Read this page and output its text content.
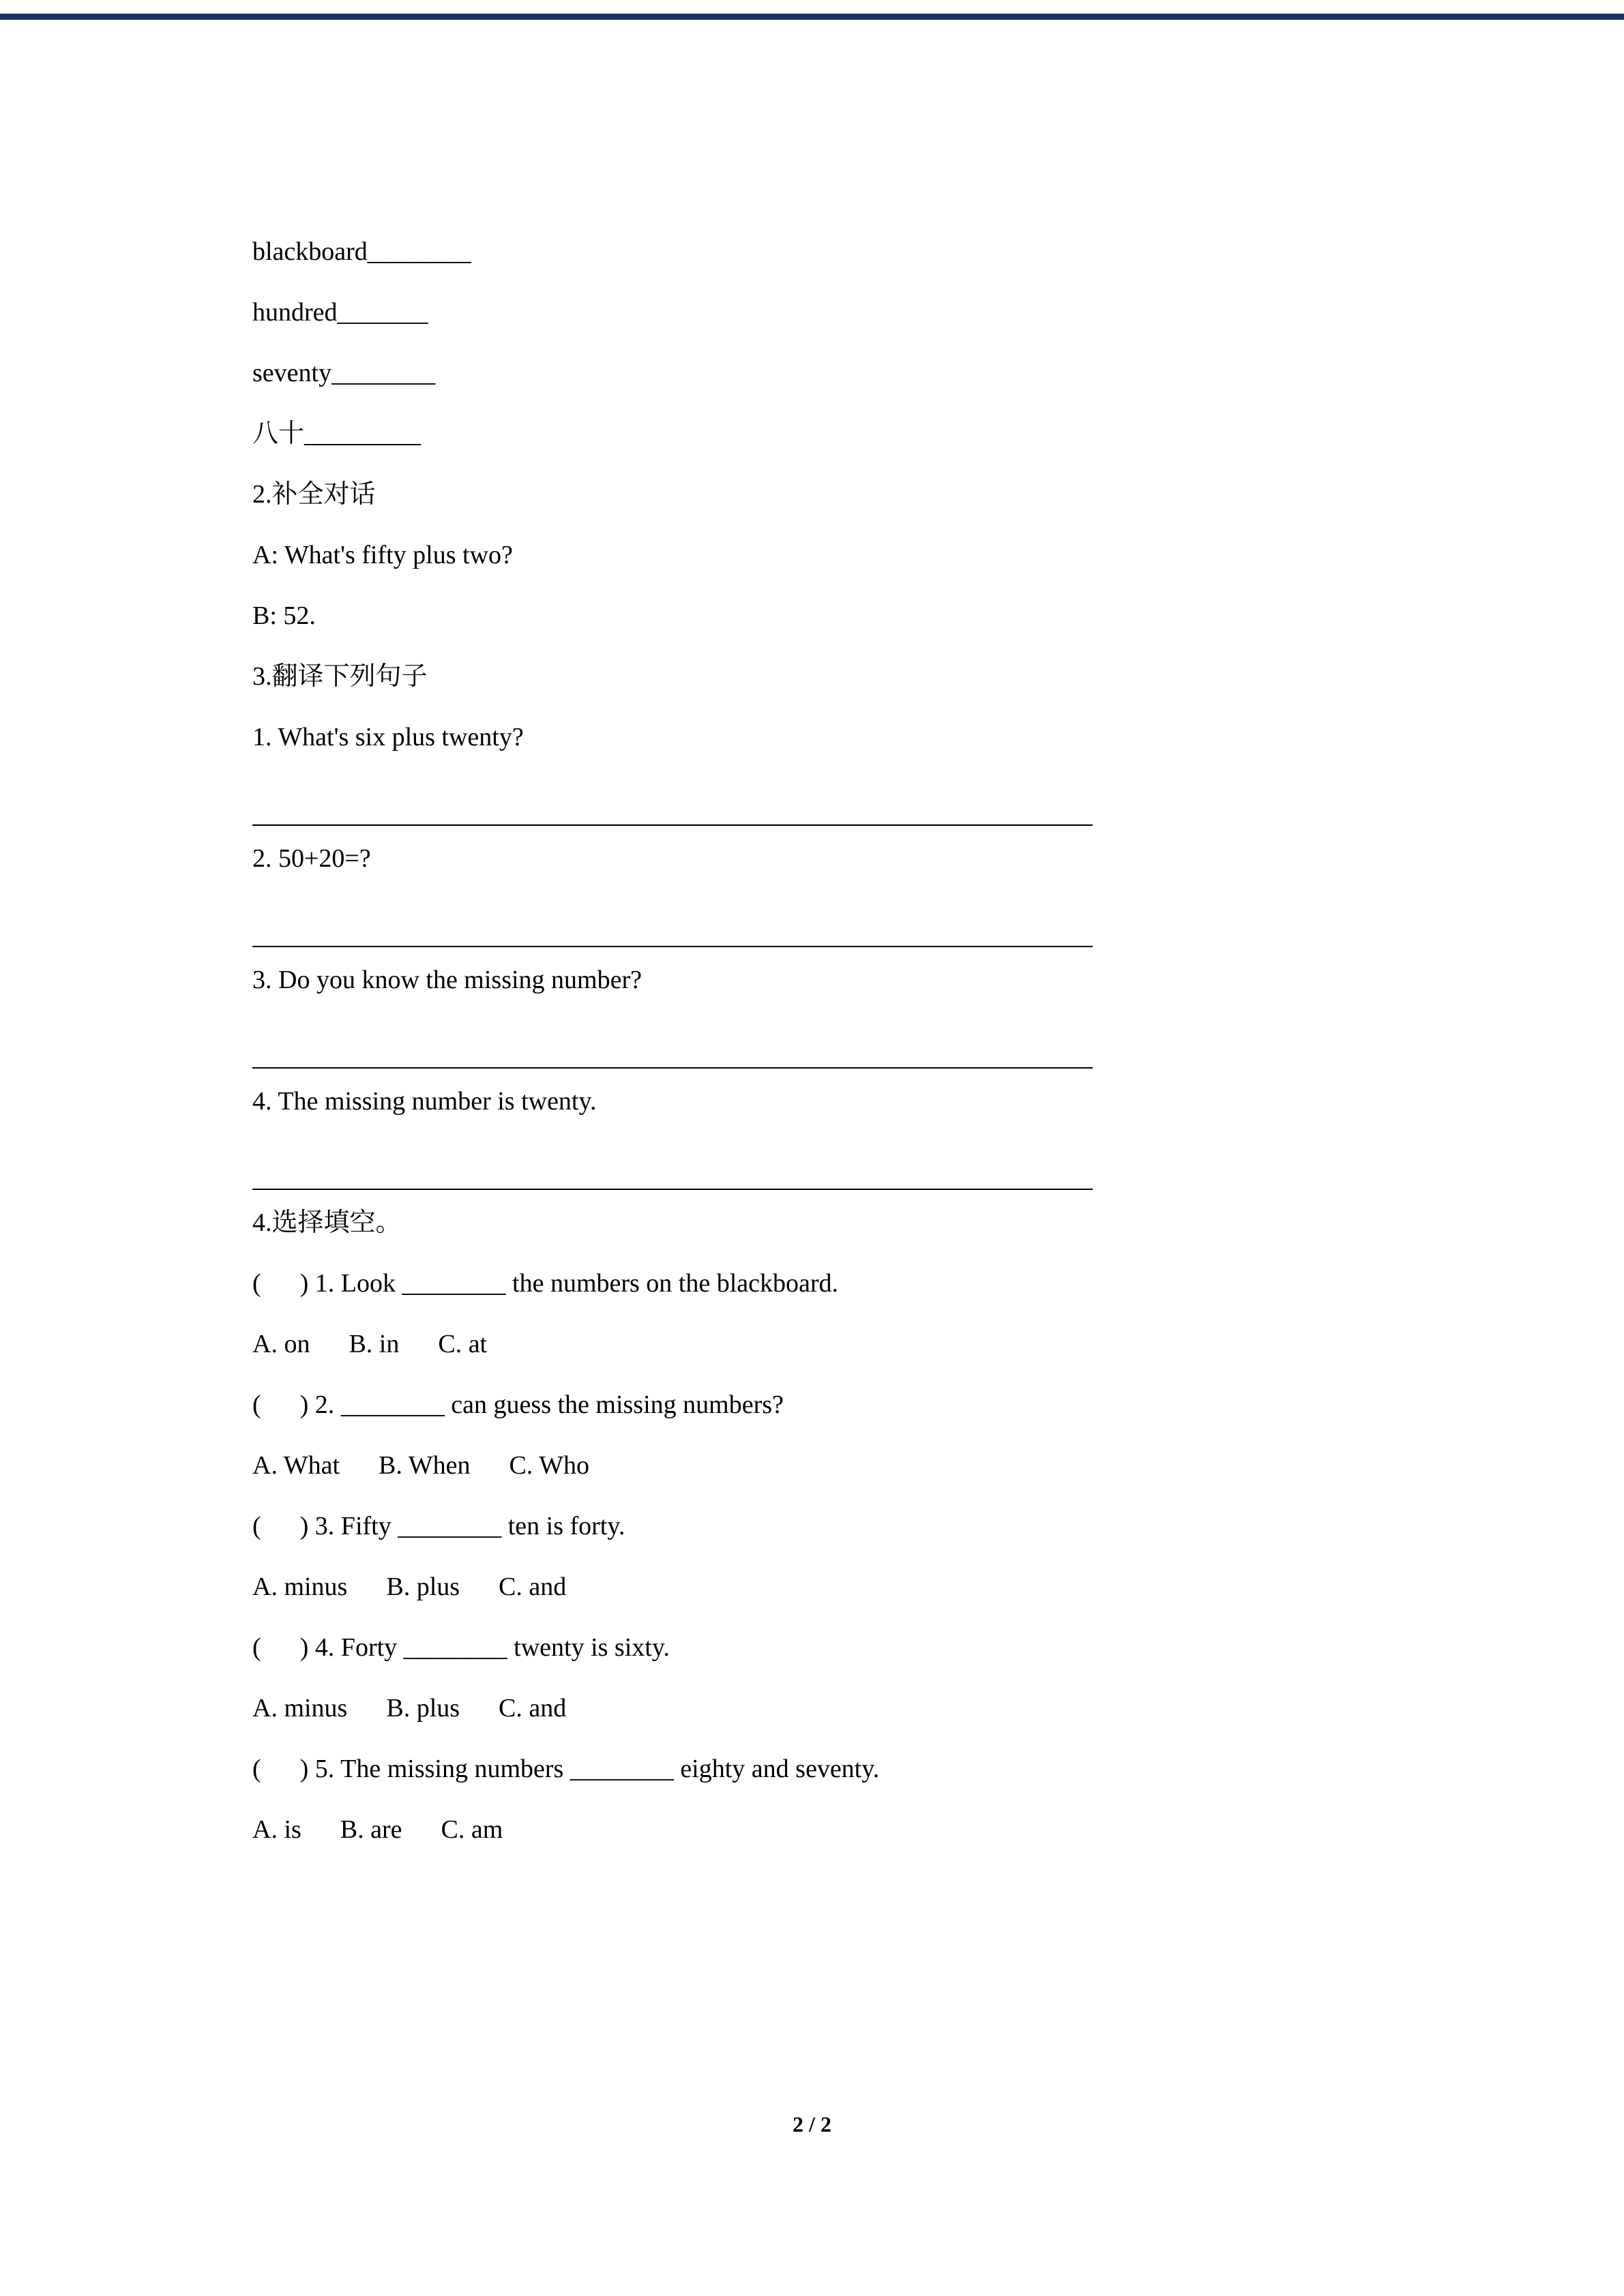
blackboard________
hundred_______
seventy________
八十_________
2.补全对话
A: What's fifty plus two?
B: 52.
3.翻译下列句子
1. What's six plus twenty?
2. 50+20=?
3. Do you know the missing number?
4. The missing number is twenty.
4.选择填空。
(      ) 1. Look ________ the numbers on the blackboard.
A. on      B. in      C. at
(      ) 2. ________ can guess the missing numbers?
A. What      B. When      C. Who
(      ) 3. Fifty ________ ten is forty.
A. minus      B. plus      C. and
(      ) 4. Forty ________ twenty is sixty.
A. minus      B. plus      C. and
(      ) 5. The missing numbers ________ eighty and seventy.
A. is      B. are      C. am
2 / 2
